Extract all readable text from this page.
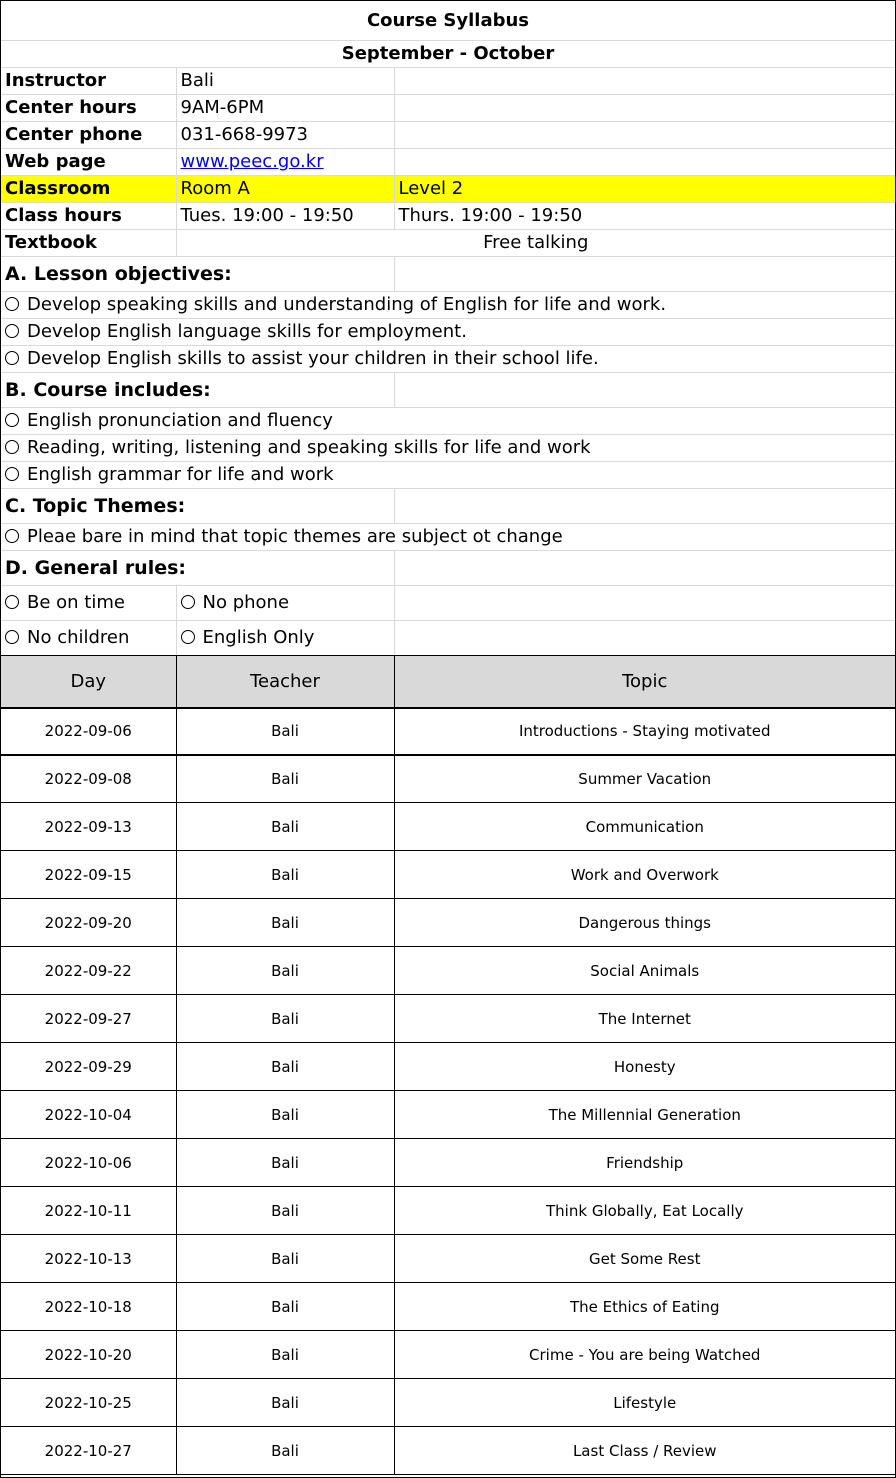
Course Syllabus		
September - October		
Instructor	Bali	
Center hours	9AM-6PM	
Center phone	031-668-9973	
Web page	www.peec.go.kr	
Classroom	Room A	Level 2
Class hours	Tues. 19:00 - 19:50	Thurs. 19:00 - 19:50
Textbook	Free talking	
A. Lesson objectives:		
Develop speaking skills and understanding of English for life and work.		
Develop English language skills for employment.		
Develop English skills to assist your children in their school life.		
B. Course includes:		
English pronunciation and fluency		
Reading, writing, listening and speaking skills for life and work		
English grammar for life and work		
C. Topic Themes:		
Pleae bare in mind that topic themes are subject ot change		
D. General rules:		
Be on time	No phone	
No children	English Only	
Day	Teacher	Topic
2022-09-06	Bali	Introductions - Staying motivated
2022-09-08	Bali	Summer Vacation
2022-09-13	Bali	Communication
2022-09-15	Bali	Work and Overwork
2022-09-20	Bali	Dangerous things
2022-09-22	Bali	Social Animals
2022-09-27	Bali	The Internet
2022-09-29	Bali	Honesty
2022-10-04	Bali	The Millennial Generation
2022-10-06	Bali	Friendship
2022-10-11	Bali	Think Globally, Eat Locally
2022-10-13	Bali	Get Some Rest
2022-10-18	Bali	The Ethics of Eating
2022-10-20	Bali	Crime - You are being Watched
2022-10-25	Bali	Lifestyle
2022-10-27	Bali	Last Class / Review
